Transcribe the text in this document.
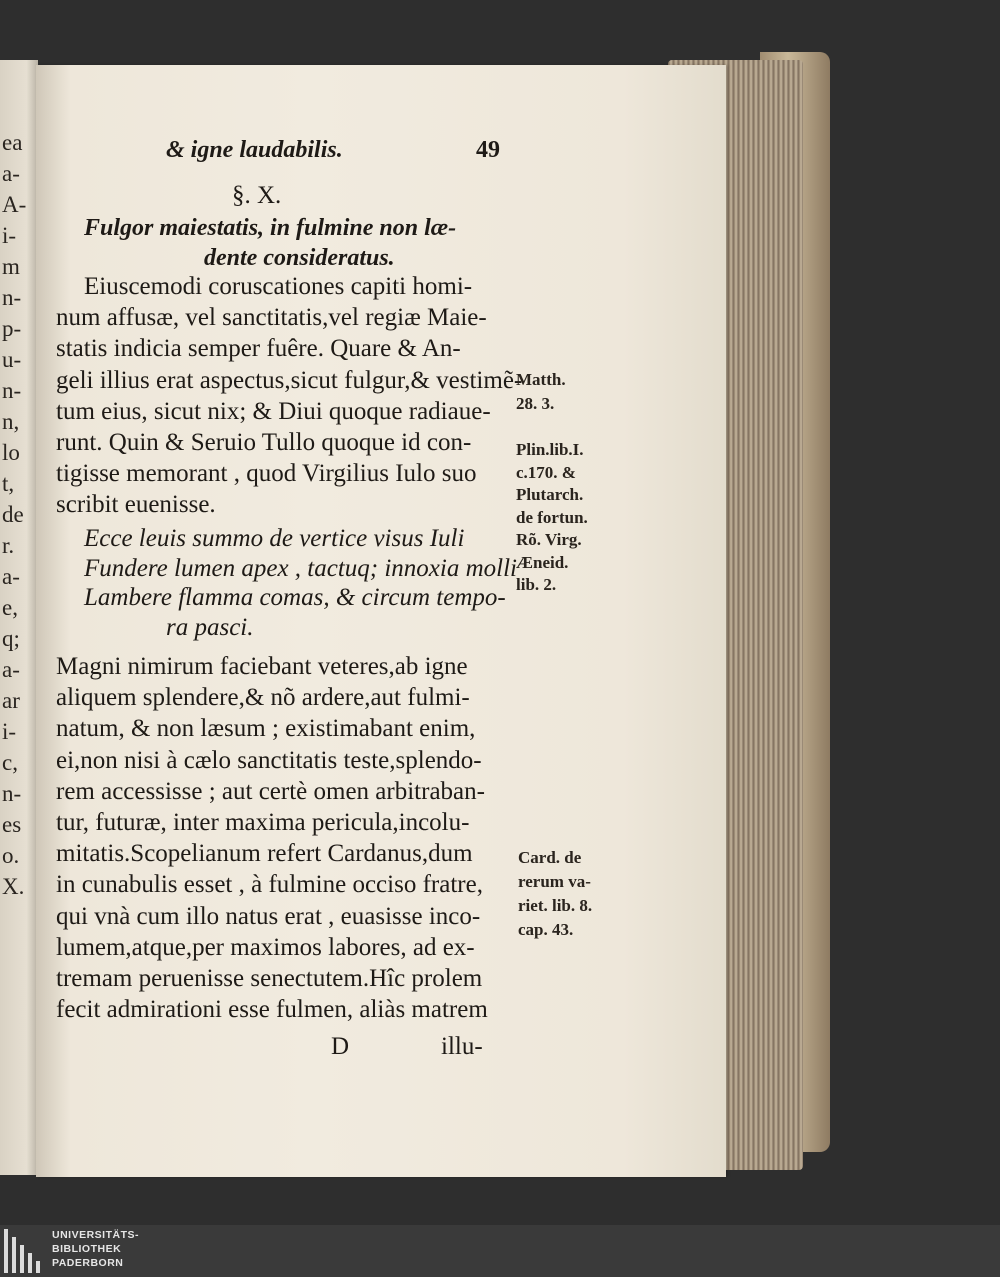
ea
a-
A-
i-
m
n-
p-
u-
n-
n,
lo
t,
de
r.
a-
e,
q;
a-
ar
i-
c,
n-
es
o.
X.
& igne laudabilis.	49
§. X.
Fulgor maiestatis, in fulmine non læ-
dente consideratus.
Eiuscemodi coruscationes capiti homi-
num affusæ, vel sanctitatis,vel regiæ Maie-
statis indicia semper fuêre. Quare & An-
geli illius erat aspectus,sicut fulgur,& vestimẽ-
tum eius, sicut nix; & Diui quoque radiaue-
runt. Quin & Seruio Tullo quoque id con-
tigisse memorant , quod Virgilius Iulo suo
scribit euenisse.
Ecce leuis summo de vertice visus Iuli
Fundere lumen apex , tactuq; innoxia molli
Lambere flamma comas, & circum tempo-
ra pasci.
Magni nimirum faciebant veteres,ab igne
aliquem splendere,& nõ ardere,aut fulmi-
natum, & non læsum ; existimabant enim,
ei,non nisi à cælo sanctitatis teste,splendo-
rem accessisse ; aut certè omen arbitraban-
tur, futuræ, inter maxima pericula,incolu-
mitatis.Scopelianum refert Cardanus,dum
in cunabulis esset , à fulmine occiso fratre,
qui vnà cum illo natus erat , euasisse inco-
lumem,atque,per maximos labores, ad ex-
tremam peruenisse senectutem.Hîc prolem
fecit admirationi esse fulmen, aliàs matrem
D	illu-
Matth.
28. 3.
Plin.lib.I.
c.170. &
Plutarch.
de fortun.
Rõ. Virg.
Æneid.
lib. 2.
Card. de
rerum va-
riet. lib. 8.
cap. 43.
UNIVERSITÄTS-
BIBLIOTHEK
PADERBORN
